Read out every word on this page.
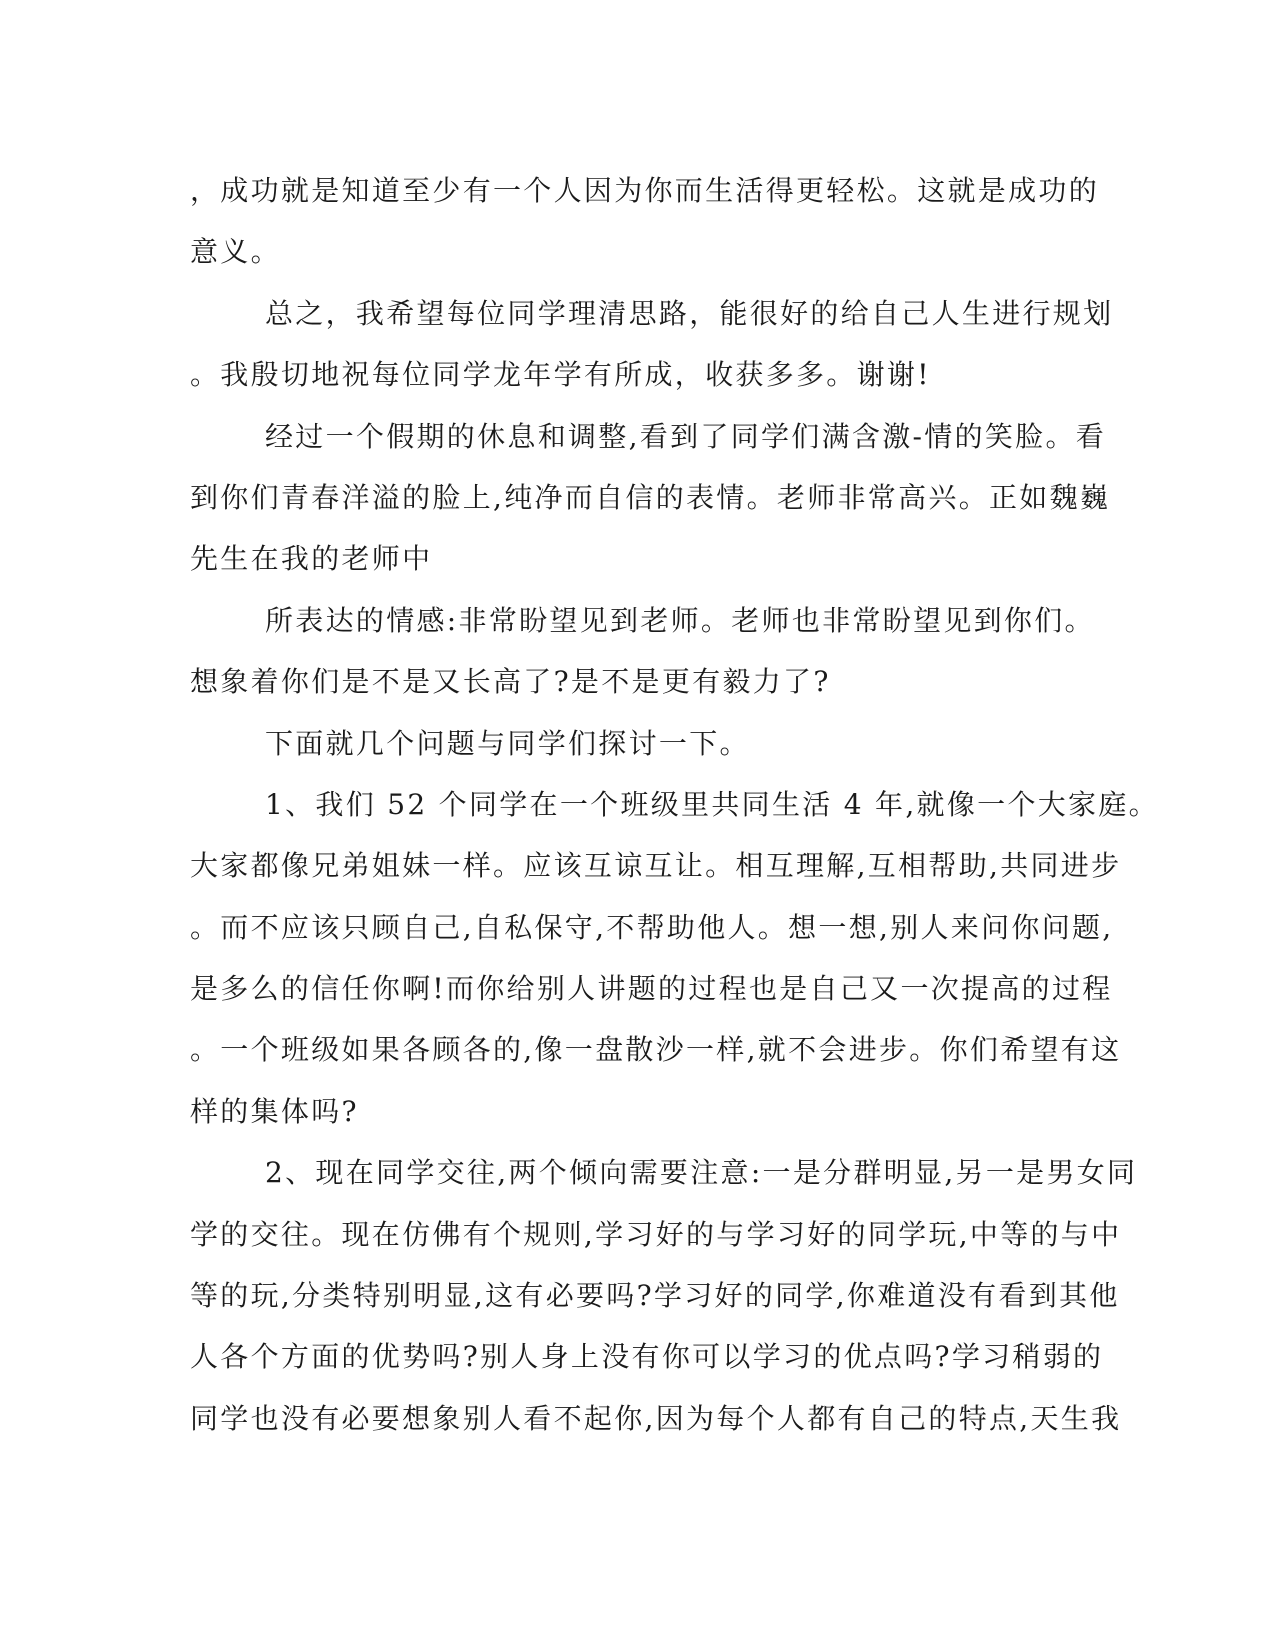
，成功就是知道至少有一个人因为你而生活得更轻松。这就是成功的
意义。
总之，我希望每位同学理清思路，能很好的给自己人生进行规划
。我殷切地祝每位同学龙年学有所成，收获多多。谢谢!
经过一个假期的休息和调整,看到了同学们满含激-情的笑脸。看
到你们青春洋溢的脸上,纯净而自信的表情。老师非常高兴。正如魏巍
先生在我的老师中
所表达的情感:非常盼望见到老师。老师也非常盼望见到你们。
想象着你们是不是又长高了?是不是更有毅力了?
下面就几个问题与同学们探讨一下。
1、我们 52 个同学在一个班级里共同生活 4 年,就像一个大家庭。
大家都像兄弟姐妹一样。应该互谅互让。相互理解,互相帮助,共同进步
。而不应该只顾自己,自私保守,不帮助他人。想一想,别人来问你问题,
是多么的信任你啊!而你给别人讲题的过程也是自己又一次提高的过程
。一个班级如果各顾各的,像一盘散沙一样,就不会进步。你们希望有这
样的集体吗?
2、现在同学交往,两个倾向需要注意:一是分群明显,另一是男女同
学的交往。现在仿佛有个规则,学习好的与学习好的同学玩,中等的与中
等的玩,分类特别明显,这有必要吗?学习好的同学,你难道没有看到其他
人各个方面的优势吗?别人身上没有你可以学习的优点吗?学习稍弱的
同学也没有必要想象别人看不起你,因为每个人都有自己的特点,天生我
